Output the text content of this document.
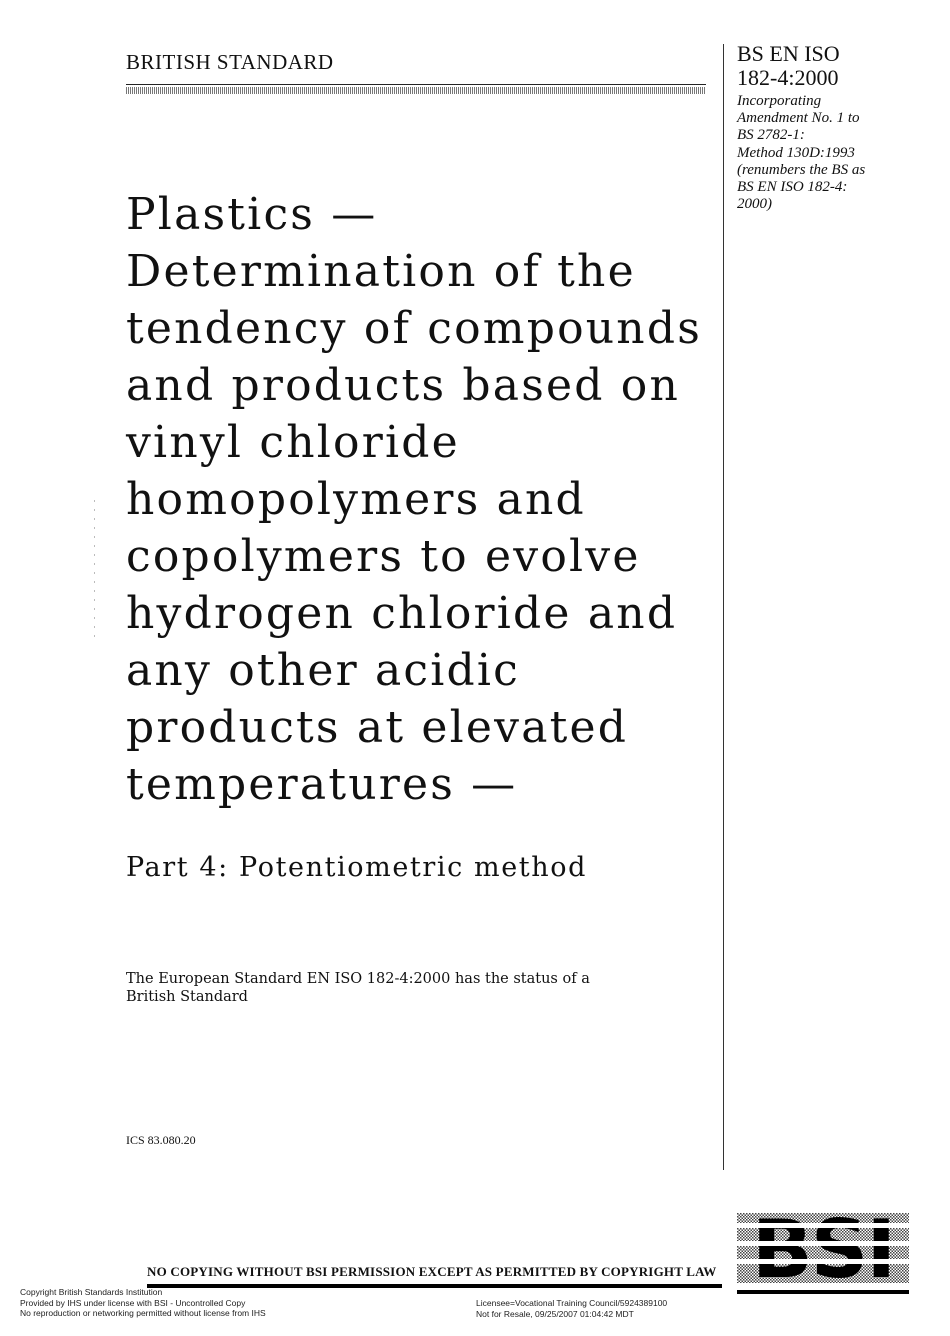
BRITISH STANDARD	BS EN ISO
182-4:2000
Incorporating
Amendment No. 1 to
BS 2782-1:
Method 130D:1993
(renumbers the BS as
BS EN ISO 182-4:
2000)
Plastics —
Determination of the
tendency of compounds
and products based on
vinyl chloride
homopolymers and
copolymers to evolve
hydrogen chloride and
any other acidic
products at elevated
temperatures —
Part 4: Potentiometric method
The European Standard EN ISO 182-4:2000 has the status of a
British Standard
ICS 83.080.20
NO COPYING WITHOUT BSI PERMISSION EXCEPT AS PERMITTED BY COPYRIGHT LAW
Copyright British Standards Institution
Provided by IHS under license with BSI - Uncontrolled Copy
No reproduction or networking permitted without license from IHS
Licensee=Vocational Training Council/5924389100
Not for Resale, 09/25/2007 01:04:42 MDT
